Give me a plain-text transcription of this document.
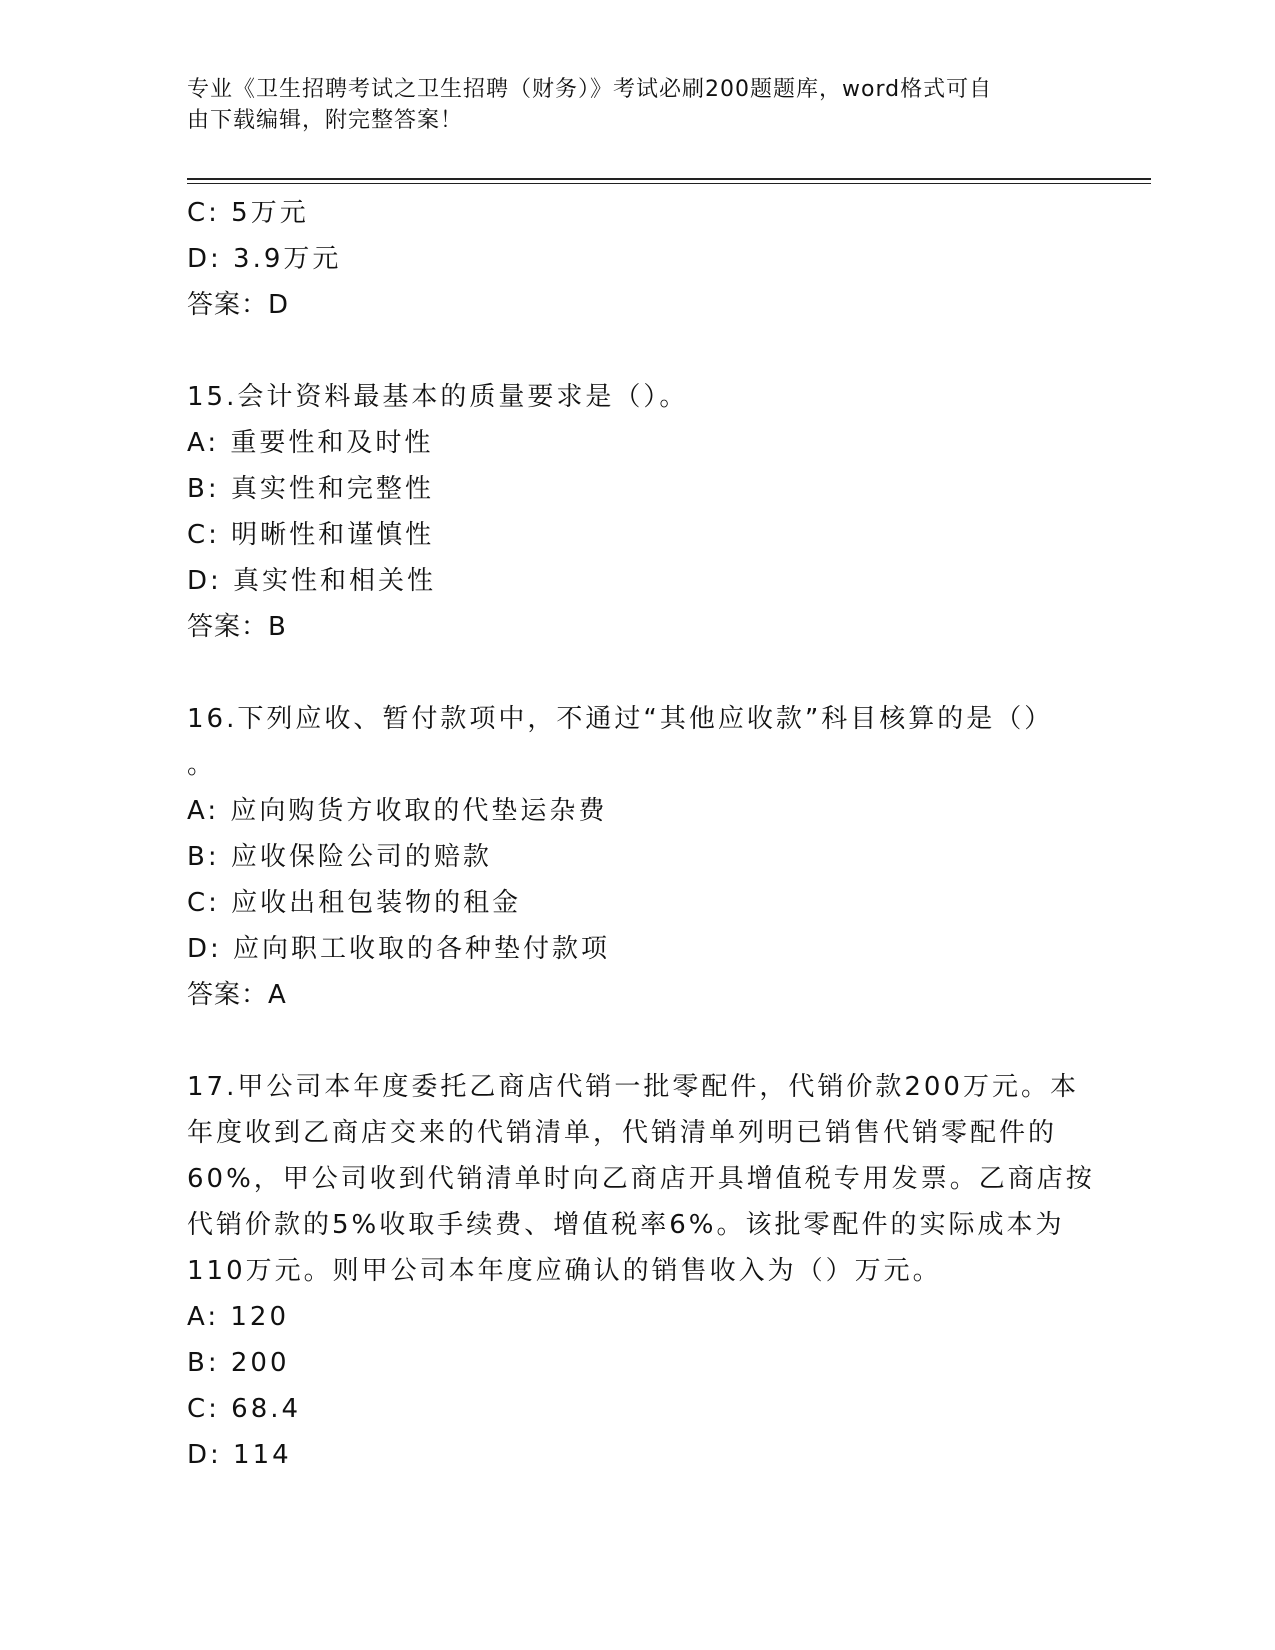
专业《卫生招聘考试之卫生招聘（财务）》考试必刷200题题库，word格式可自
由下载编辑，附完整答案！
C: 5万元
D: 3.9万元
答案：D
15.会计资料最基本的质量要求是（）。
A: 重要性和及时性
B: 真实性和完整性
C: 明晰性和谨慎性
D: 真实性和相关性
答案：B
16.下列应收、暂付款项中，不通过“其他应收款”科目核算的是（）
。
A: 应向购货方收取的代垫运杂费
B: 应收保险公司的赔款
C: 应收出租包装物的租金
D: 应向职工收取的各种垫付款项
答案：A
17.甲公司本年度委托乙商店代销一批零配件，代销价款200万元。本
年度收到乙商店交来的代销清单，代销清单列明已销售代销零配件的
60%，甲公司收到代销清单时向乙商店开具增值税专用发票。乙商店按
代销价款的5%收取手续费、增值税率6%。该批零配件的实际成本为
110万元。则甲公司本年度应确认的销售收入为（）万元。
A: 120
B: 200
C: 68.4
D: 114
